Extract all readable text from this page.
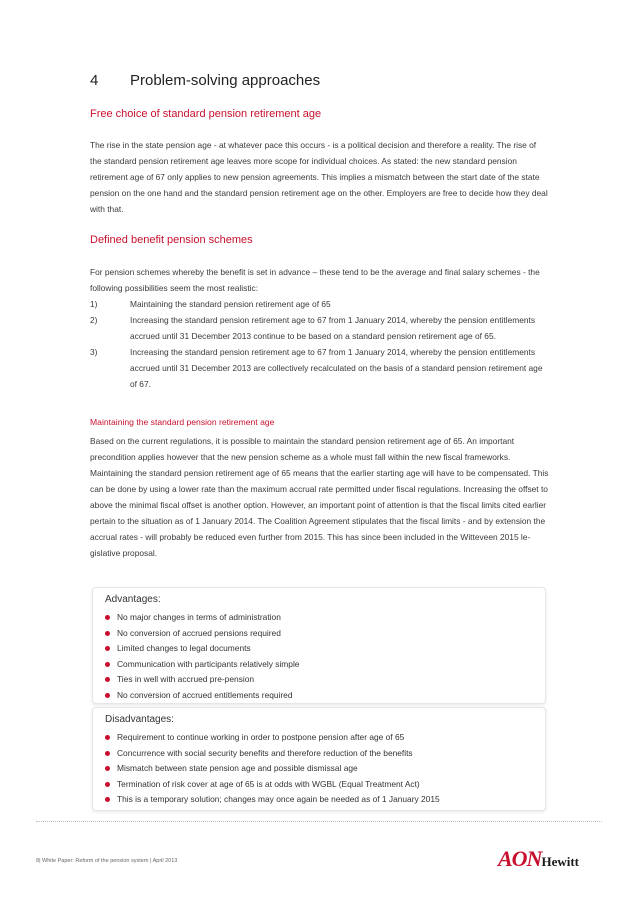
4 Problem-solving approaches
Free choice of standard pension retirement age

The rise in the state pension age - at whatever pace this occurs - is a political decision and therefore a reality. The rise of the standard pension retirement age leaves more scope for individual choices. As stated: the new standard pension retirement age of 67 only applies to new pension agreements. This implies a mismatch between the start date of the state pension on the one hand and the standard pension retirement age on the other. Employers are free to decide how they deal with that.

Defined benefit pension schemes

For pension schemes whereby the benefit is set in advance – these tend to be the average and final salary schemes - the following possibilities seem the most realistic:

1)	Maintaining the standard pension retirement age of 65
2)	Increasing the standard pension retirement age to 67 from 1 January 2014, whereby the pension entitlements accrued until 31 December 2013 continue to be based on a standard pension retirement age of 65.
3)	Increasing the standard pension retirement age to 67 from 1 January 2014, whereby the pension entitlements accrued until 31 December 2013 are collectively recalculated on the basis of a standard pension retirement age of 67.
Maintaining the standard pension retirement age

Based on the current regulations, it is possible to maintain the standard pension retirement age of 65. An important precondition applies however that the new pension scheme as a whole must fall within the new fiscal frameworks. Maintaining the standard pension retirement age of 65 means that the earlier starting age will have to be compensated. This can be done by using a lower rate than the maximum accrual rate permitted under fiscal regulations. Increasing the offset to above the minimal fiscal offset is another option. However, an important point of attention is that the fiscal limits cited earlier pertain to the situation as of 1 January 2014. The Coalition Agreement stipulates that the fiscal limits - and by extension the accrual rates - will probably be reduced even further from 2015. This has since been included in the Witteveen 2015 le-gislative proposal.

Advantages:
No major changes in terms of administration
No conversion of accrued pensions required
Limited changes to legal documents
Communication with participants relatively simple
Ties in well with accrued pre-pension
No conversion of accrued entitlements required
Disadvantages:
Requirement to continue working in order to postpone pension after age of 65
Concurrence with social security benefits and therefore reduction of the benefits
Mismatch between state pension age and possible dismissal age
Termination of risk cover at age of 65 is at odds with WGBL (Equal Treatment Act)
This is a temporary solution; changes may once again be needed as of 1 January 2015
8| White Paper: Reform of the pension system | April 2013	AONHewitt
